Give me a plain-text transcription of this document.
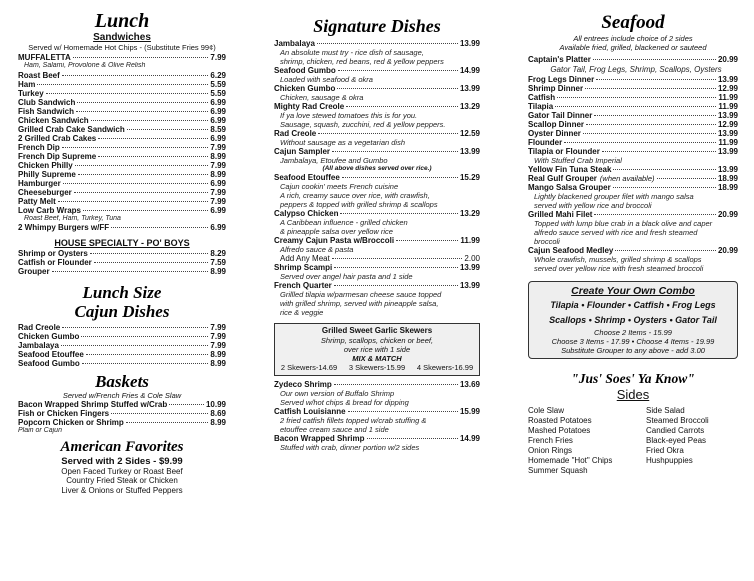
Lunch
Sandwiches
Served w/ Homemade Hot Chips - (Substitute Fries 99¢)
MUFFALETTA	7.99
Ham, Salami, Provolone & Olive Relish
Roast Beef	6.29
Ham	5.59
Turkey	5.59
Club Sandwich	6.99
Fish Sandwich	6.99
Chicken Sandwich	6.99
Grilled Crab Cake Sandwich	8.59
2 Grilled Crab Cakes	6.99
French Dip	7.99
French Dip Supreme	8.99
Chicken Philly	7.99
Philly Supreme	8.99
Hamburger	6.99
Cheeseburger	7.99
Patty Melt	7.99
Low Carb Wraps	6.99
Roast Beef, Ham, Turkey, Tuna
2 Whimpy Burgers w/FF	6.99
HOUSE SPECIALTY - PO' BOYS
Shrimp or Oysters	8.29
Catfish or Flounder	7.59
Grouper	8.99
Lunch Size
Cajun Dishes
Rad Creole	7.99
Chicken Gumbo	7.99
Jambalaya	7.99
Seafood Etouffee	8.99
Seafood Gumbo	8.99
Baskets
Served w/French Fries & Cole Slaw
Bacon Wrapped Shrimp Stuffed w/Crab	10.99
Fish or Chicken Fingers	8.69
Popcorn Chicken or Shrimp	8.99
Plain or Cajun
American Favorites
Served with 2 Sides - $9.99
Open Faced Turkey or Roast Beef
Country Fried Steak or Chicken
Liver & Onions or Stuffed Peppers
Signature Dishes
Jambalaya	13.99
An absolute must try - rice dish of sausage,
shrimp, chicken, red beans, red & yellow peppers
Seafood Gumbo	14.99
Loaded with seafood & okra
Chicken Gumbo	13.99
Chicken, sausage & okra
Mighty Rad Creole	13.29
If ya love stewed tomatoes this is for you.
Sausage, squash, zucchini, red & yellow peppers.
Rad Creole	12.59
Without sausage as a vegetarian dish
Cajun Sampler	13.99
Jambalaya, Etoufee and Gumbo
(All above dishes served over rice.)
Seafood Etouffee	15.29
Cajun cookin' meets French cuisine
A rich, creamy sauce over rice, with crawfish,
peppers & topped with grilled shrimp & scallops
Calypso Chicken	13.29
A Caribbean influence - grilled chicken
& pineapple salsa over yellow rice
Creamy Cajun Pasta w/Broccoli	11.99
Alfredo sauce & pasta
Add Any Meat	2.00
Shrimp Scampi	13.99
Served over angel hair pasta and 1 side
French Quarter	13.99
Grillled tilapia w/parmesan cheese sauce topped
with grilled shrimp, served with pineapple salsa,
rice & veggie
Grilled Sweet Garlic Skewers
Shrimp, scallops, chicken or beef,
over rice with 1 side
MIX & MATCH
2 Skewers-14.69 3 Skewers-15.99 4 Skewers-16.99
Zydeco Shrimp	13.69
Our own version of Buffalo Shrimp
Served w/hot chips & bread for dipping
Catfish Louisianne	15.99
2 fried catfish fillets topped w/crab stuffing &
etouffee cream sauce and 1 side
Bacon Wrapped Shrimp	14.99
Stuffed with crab, dinner portion w/2 sides
Seafood
All entrees include choice of 2 sides
Available fried, grilled, blackened or sauteed
Captain's Platter	20.99
Gator Tail, Frog Legs, Shrimp, Scallops, Oysters
Frog Legs Dinner	13.99
Shrimp Dinner	12.99
Catfish	11.99
Tilapia	11.99
Gator Tail Dinner	13.99
Scallop Dinner	12.99
Oyster Dinner	13.99
Flounder	11.99
Tilapia or Flounder	13.99
With Stuffed Crab Imperial
Yellow Fin Tuna Steak	13.99
Real Gulf Grouper (when available)	18.99
Mango Salsa Grouper	18.99
Lightly blackened grouper filet with mango salsa
served with yellow rice and broccoli
Grilled Mahi Filet	20.99
Topped with lump blue crab in a black olive and caper
alfredo sauce served with rice and fresh steamed
broccoli
Cajun Seafood Medley	20.99
Whole crawfish, mussels, grilled shrimp & scallops
served over yellow rice with fresh steamed broccoli
Create Your Own Combo
Tilapia • Flounder • Catfish • Frog Legs
Scallops • Shrimp • Oysters • Gator Tail
Choose 2 Items - 15.99
Choose 3 Items - 17.99 • Choose 4 Items - 19.99
Substitute Grouper to any above - add 3.00
"Jus' Soes' Ya Know"
Sides
Cole Slaw
Roasted Potatoes
Mashed Potatoes
French Fries
Onion Rings
Homemade "Hot" Chips
Summer Squash
Side Salad
Steamed Broccoli
Candied Carrots
Black-eyed Peas
Fried Okra
Hushpuppies
